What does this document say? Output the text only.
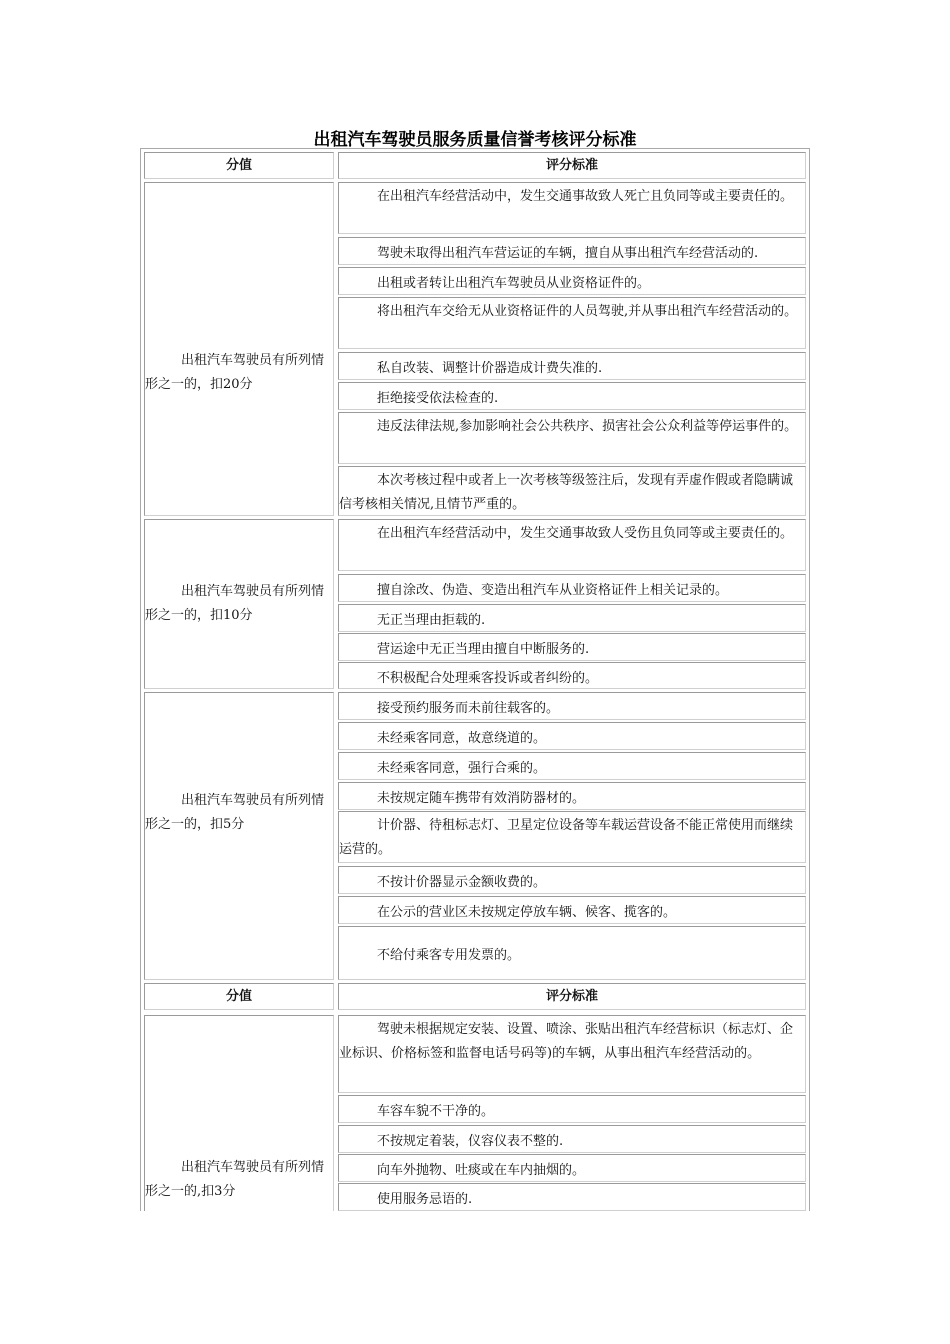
出租汽车驾驶员服务质量信誉考核评分标准
分值	评分标准
出租汽车驾驶员有所列情形之一的，扣20分
在出租汽车经营活动中，发生交通事故致人死亡且负同等或主要责任的。
驾驶未取得出租汽车营运证的车辆，擅自从事出租汽车经营活动的.
出租或者转让出租汽车驾驶员从业资格证件的。
将出租汽车交给无从业资格证件的人员驾驶,并从事出租汽车经营活动的。
私自改装、调整计价器造成计费失准的.
拒绝接受依法检查的.
违反法律法规,参加影响社会公共秩序、损害社会公众利益等停运事件的。
本次考核过程中或者上一次考核等级签注后，发现有弄虚作假或者隐瞒诚信考核相关情况,且情节严重的。
出租汽车驾驶员有所列情形之一的，扣10分
在出租汽车经营活动中，发生交通事故致人受伤且负同等或主要责任的。
擅自涂改、伪造、变造出租汽车从业资格证件上相关记录的。
无正当理由拒载的.
营运途中无正当理由擅自中断服务的.
不积极配合处理乘客投诉或者纠纷的。
出租汽车驾驶员有所列情形之一的，扣5分
接受预约服务而未前往载客的。
未经乘客同意，故意绕道的。
未经乘客同意，强行合乘的。
未按规定随车携带有效消防器材的。
计价器、待租标志灯、卫星定位设备等车载运营设备不能正常使用而继续运营的。
不按计价器显示金额收费的。
在公示的营业区未按规定停放车辆、候客、揽客的。
不给付乘客专用发票的。
分值	评分标准
出租汽车驾驶员有所列情形之一的,扣3分
驾驶未根据规定安装、设置、喷涂、张贴出租汽车经营标识（标志灯、企业标识、价格标签和监督电话号码等)的车辆，从事出租汽车经营活动的。
车容车貌不干净的。
不按规定着装，仪容仪表不整的.
向车外抛物、吐痰或在车内抽烟的。
使用服务忌语的.
